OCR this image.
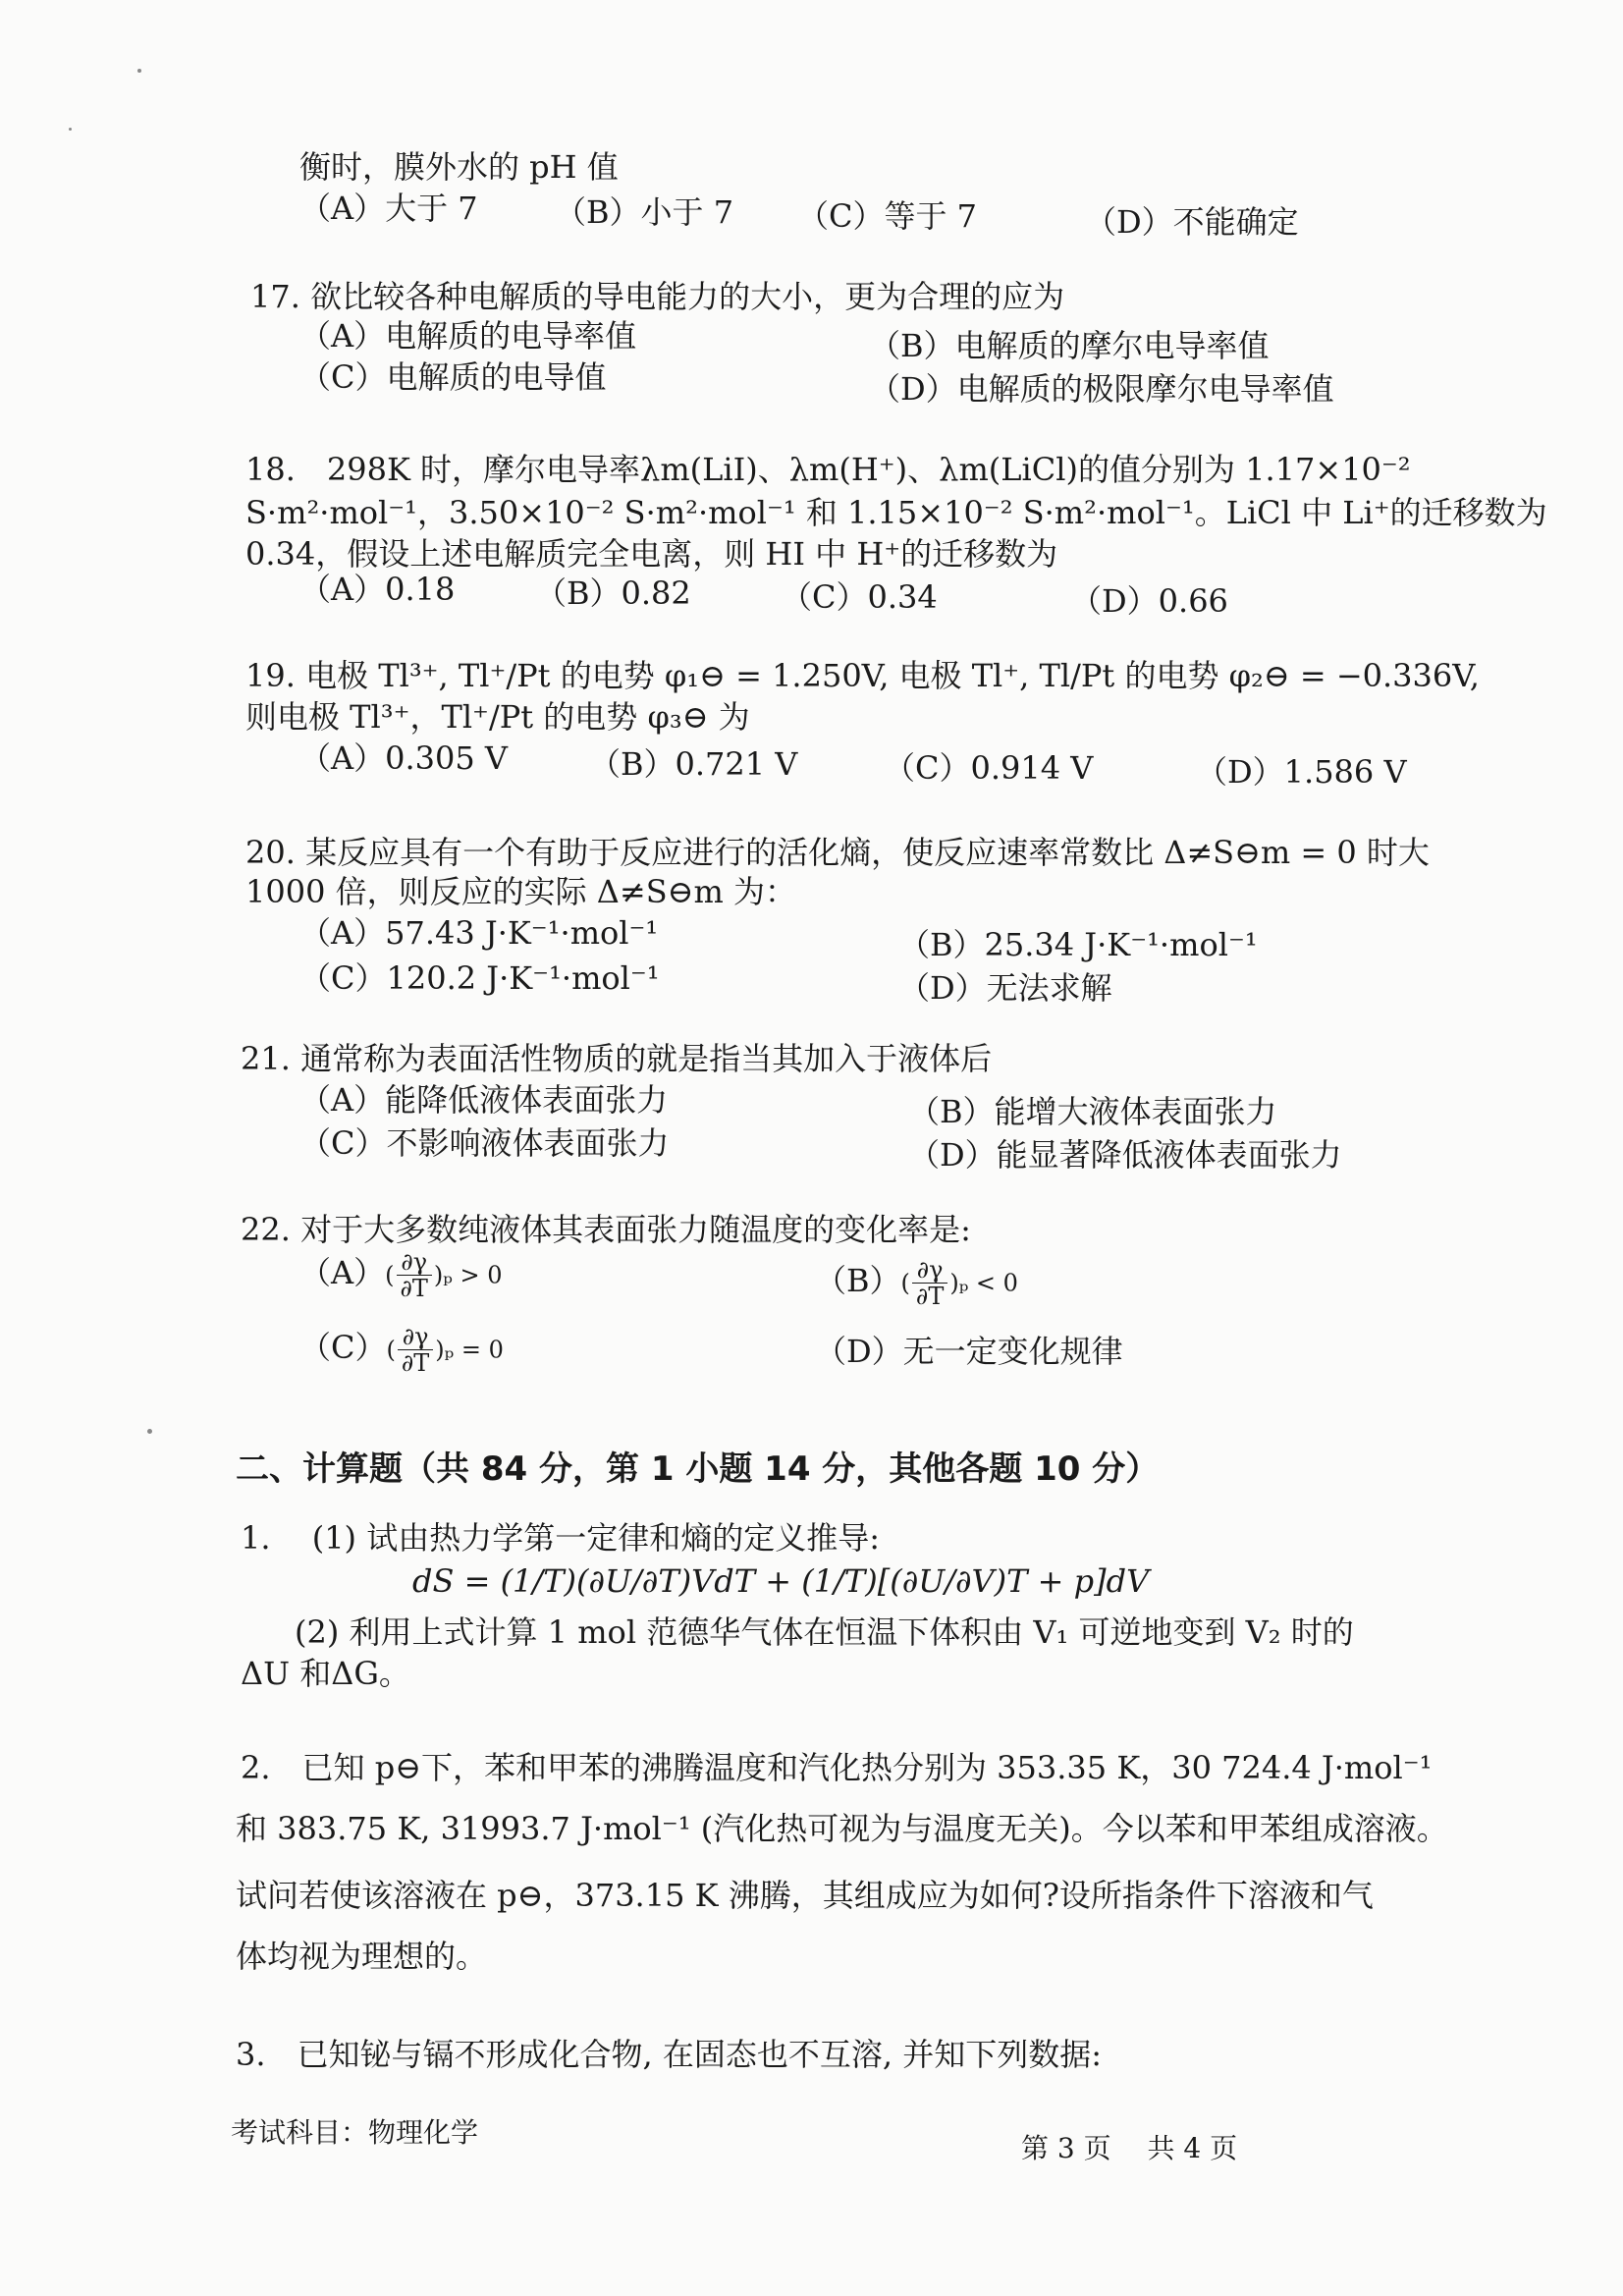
衡时，膜外水的 pH 值
（A）大于 7 （B）小于 7 （C）等于 7	（D）不能确定
17. 欲比较各种电解质的导电能力的大小，更为合理的应为
（A）电解质的电导率值	（B）电解质的摩尔电导率值
（C）电解质的电导值	（D）电解质的极限摩尔电导率值
18.　298K 时，摩尔电导率λm(LiI)、λm(H⁺)、λm(LiCl)的值分别为 1.17×10⁻²
S·m²·mol⁻¹，3.50×10⁻² S·m²·mol⁻¹ 和 1.15×10⁻² S·m²·mol⁻¹。LiCl 中 Li⁺的迁移数为
0.34，假设上述电解质完全电离，则 HI 中 H⁺的迁移数为
（A）0.18	（B）0.82	（C）0.34	（D）0.66
19. 电极 Tl³⁺, Tl⁺/Pt 的电势 φ₁⊖ = 1.250V, 电极 Tl⁺, Tl/Pt 的电势 φ₂⊖ = −0.336V,
则电极 Tl³⁺，Tl⁺/Pt 的电势 φ₃⊖ 为
（A）0.305 V	（B）0.721 V	（C）0.914 V	（D）1.586 V
20. 某反应具有一个有助于反应进行的活化熵，使反应速率常数比 Δ≠S⊖m = 0 时大
1000 倍，则反应的实际 Δ≠S⊖m 为：
（A）57.43 J·K⁻¹·mol⁻¹	（B）25.34 J·K⁻¹·mol⁻¹
（C）120.2 J·K⁻¹·mol⁻¹	（D）无法求解
21. 通常称为表面活性物质的就是指当其加入于液体后
（A）能降低液体表面张力	（B）能增大液体表面张力
（C）不影响液体表面张力	（D）能显著降低液体表面张力
22. 对于大多数纯液体其表面张力随温度的变化率是:
$(A)( \frac{\partial\gamma}{\partial T} )_p > 0$	$(B)( \frac{\partial\gamma}{\partial T} )_p < 0$
$(C)( \frac{\partial\gamma}{\partial T} )_p = 0$	（D）无一定变化规律
二、计算题（共 84 分，第 1 小题 14 分，其他各题 10 分）
1.　 (1) 试由热力学第一定律和熵的定义推导:
dS = (1/T)(∂U/∂T)VdT + (1/T)[(∂U/∂V)T + p]dV
(2) 利用上式计算 1 mol 范德华气体在恒温下体积由 V₁ 可逆地变到 V₂ 时的
ΔU 和ΔG。
2.　已知 p⊖下，苯和甲苯的沸腾温度和汽化热分别为 353.35 K，30 724.4 J·mol⁻¹
和 383.75 K, 31993.7 J·mol⁻¹ (汽化热可视为与温度无关)。今以苯和甲苯组成溶液。
试问若使该溶液在 p⊖，373.15 K 沸腾，其组成应为如何?设所指条件下溶液和气
体均视为理想的。
3.　已知铋与镉不形成化合物, 在固态也不互溶, 并知下列数据:
考试科目：物理化学	第 3 页　 共 4 页
